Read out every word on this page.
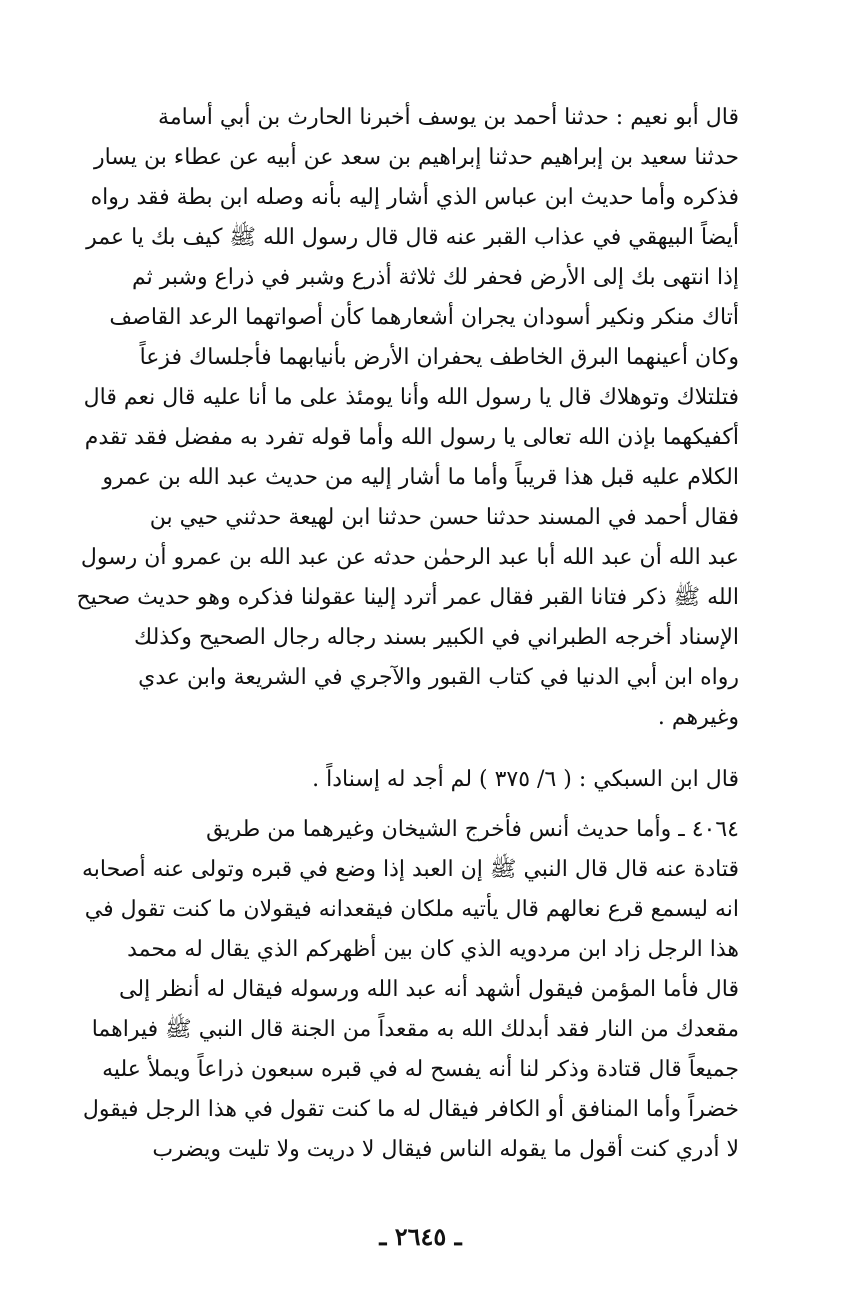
قال أبو نعيم : حدثنا أحمد بن يوسف أخبرنا الحارث بن أبي أسامة
حدثنا سعيد بن إبراهيم حدثنا إبراهيم بن سعد عن أبيه عن عطاء بن يسار
فذكره وأما حديث ابن عباس الذي أشار إليه بأنه وصله ابن بطة فقد رواه
أيضاً البيهقي في عذاب القبر عنه قال قال رسول الله ﷺ كيف بك يا عمر
إذا انتهى بك إلى الأرض فحفر لك ثلاثة أذرع وشبر في ذراع وشبر ثم
أتاك منكر ونكير أسودان يجران أشعارهما كأن أصواتهما الرعد القاصف
وكان أعينهما البرق الخاطف يحفران الأرض بأنيابهما فأجلساك فزعاً
فتلتلاك وتوهلاك قال يا رسول الله وأنا يومئذ على ما أنا عليه قال نعم قال
أكفيكهما بإذن الله تعالى يا رسول الله وأما قوله تفرد به مفضل فقد تقدم
الكلام عليه قبل هذا قريباً وأما ما أشار إليه من حديث عبد الله بن عمرو
فقال أحمد في المسند حدثنا حسن حدثنا ابن لهيعة حدثني حيي بن
عبد الله أن عبد الله أبا عبد الرحمٰن حدثه عن عبد الله بن عمرو أن رسول
الله ﷺ ذكر فتانا القبر فقال عمر أترد إلينا عقولنا فذكره وهو حديث صحيح
الإسناد أخرجه الطبراني في الكبير بسند رجاله رجال الصحيح وكذلك
رواه ابن أبي الدنيا في كتاب القبور والآجري في الشريعة وابن عدي
وغيرهم .
قال ابن السبكي : ( ٦/ ٣٧٥ ) لم أجد له إسناداً .
٤٠٦٤ ـ وأما حديث أنس فأخرج الشيخان وغيرهما من طريق
قتادة عنه قال قال النبي ﷺ إن العبد إذا وضع في قبره وتولى عنه أصحابه
انه ليسمع قرع نعالهم قال يأتيه ملكان فيقعدانه فيقولان ما كنت تقول في
هذا الرجل زاد ابن مردويه الذي كان بين أظهركم الذي يقال له محمد
قال فأما المؤمن فيقول أشهد أنه عبد الله ورسوله فيقال له أنظر إلى
مقعدك من النار فقد أبدلك الله به مقعداً من الجنة قال النبي ﷺ فيراهما
جميعاً قال قتادة وذكر لنا أنه يفسح له في قبره سبعون ذراعاً ويملأ عليه
خضراً وأما المنافق أو الكافر فيقال له ما كنت تقول في هذا الرجل فيقول
لا أدري كنت أقول ما يقوله الناس فيقال لا دريت ولا تليت ويضرب
ـ ٢٦٤٥ ـ
